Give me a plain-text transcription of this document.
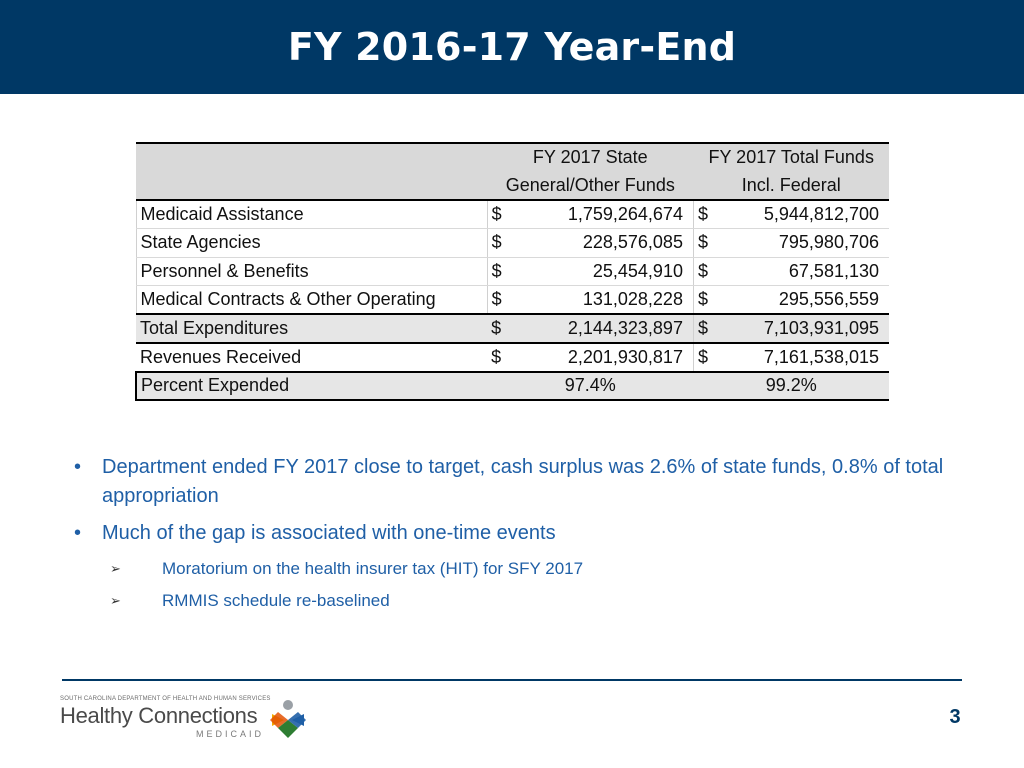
FY 2016-17 Year-End
	FY 2017 State		FY 2017 Total Funds	
	General/Other Funds		Incl. Federal	
Medicaid Assistance	$	1,759,264,674	$	5,944,812,700
State Agencies	$	228,576,085	$	795,980,706
Personnel & Benefits	$	25,454,910	$	67,581,130
Medical Contracts & Other Operating	$	131,028,228	$	295,556,559
Total Expenditures	$	2,144,323,897	$	7,103,931,095
Revenues Received	$	2,201,930,817	$	7,161,538,015
Percent Expended	97.4%		99.2%	
• Department ended FY 2017 close to target, cash surplus was 2.6% of state funds, 0.8% of total appropriation
• Much of the gap is associated with one-time events
➢ Moratorium on the health insurer tax (HIT) for SFY 2017
➢ RMMIS schedule re-baselined
SOUTH CAROLINA DEPARTMENT OF HEALTH AND HUMAN SERVICES
Healthy Connections
MEDICAID
3
